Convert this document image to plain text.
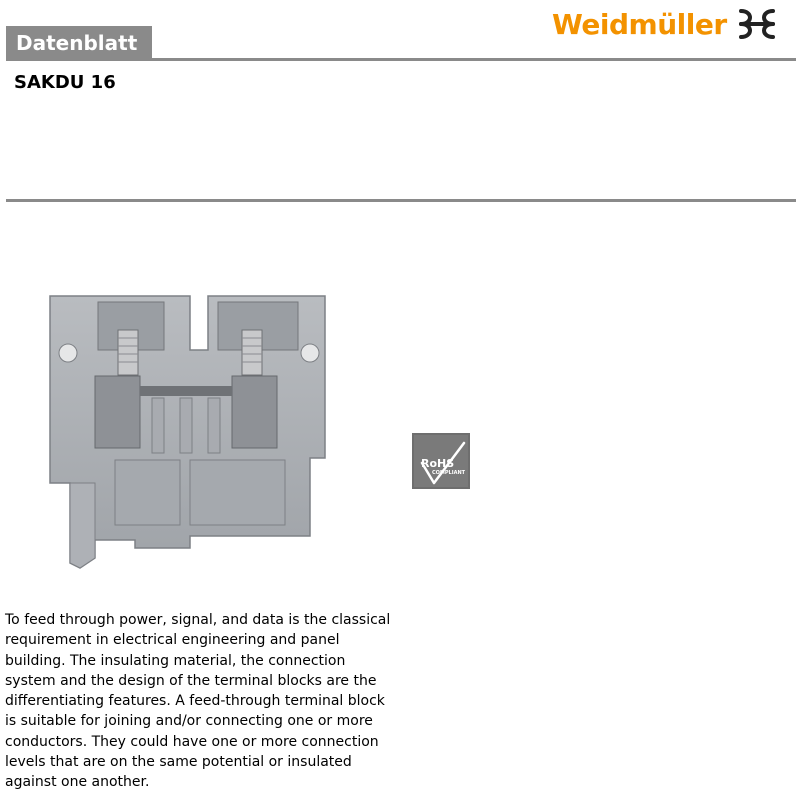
Datenblatt
Weidmüller
SAKDU 16
RoHS
COMPLIANT

To feed through power, signal, and data is the classical requirement in electrical engineering and panel building. The insulating material, the connection system and the design of the terminal blocks are the differentiating features. A feed-through terminal block is suitable for joining and/or connecting one or more conductors. They could have one or more connection levels that are on the same potential or insulated against one another.
